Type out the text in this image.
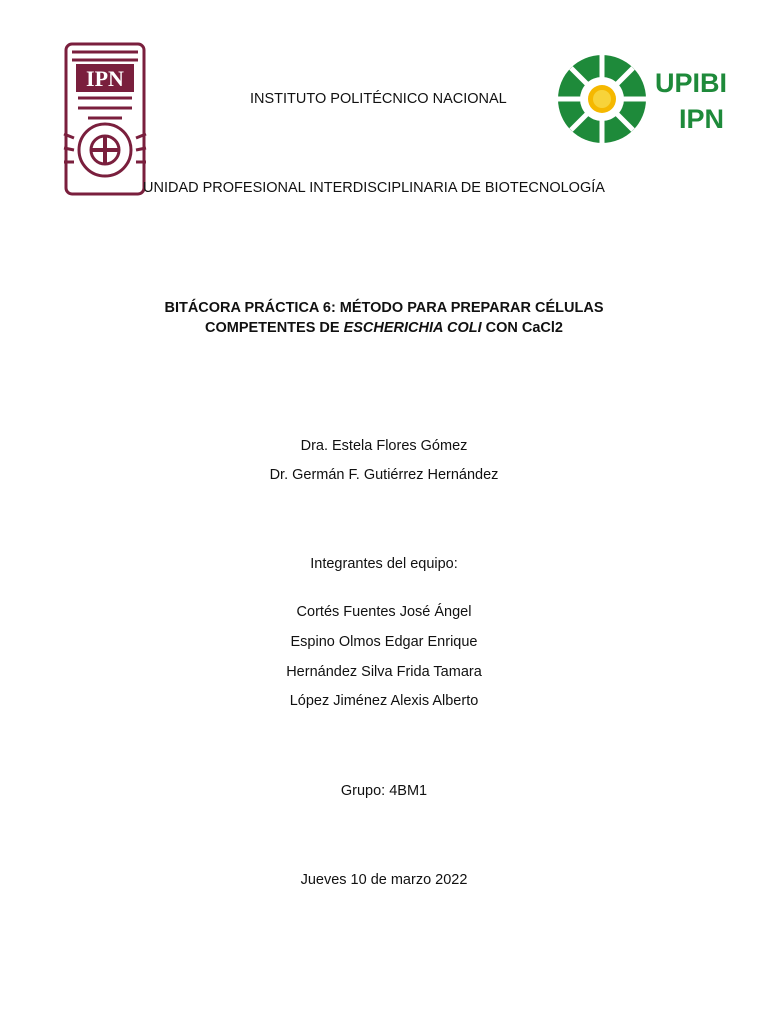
IPN	UPIBI
IPN
INSTITUTO POLITÉCNICO NACIONAL
UNIDAD PROFESIONAL INTERDISCIPLINARIA DE BIOTECNOLOGÍA
BITÁCORA PRÁCTICA 6: MÉTODO PARA PREPARAR CÉLULAS
COMPETENTES DE ESCHERICHIA COLI CON CaCl2
Dra. Estela Flores Gómez
Dr. Germán F. Gutiérrez Hernández
Integrantes del equipo:
Cortés Fuentes José Ángel
Espino Olmos Edgar Enrique
Hernández Silva Frida Tamara
López Jiménez Alexis Alberto
Grupo: 4BM1
Jueves 10 de marzo 2022
